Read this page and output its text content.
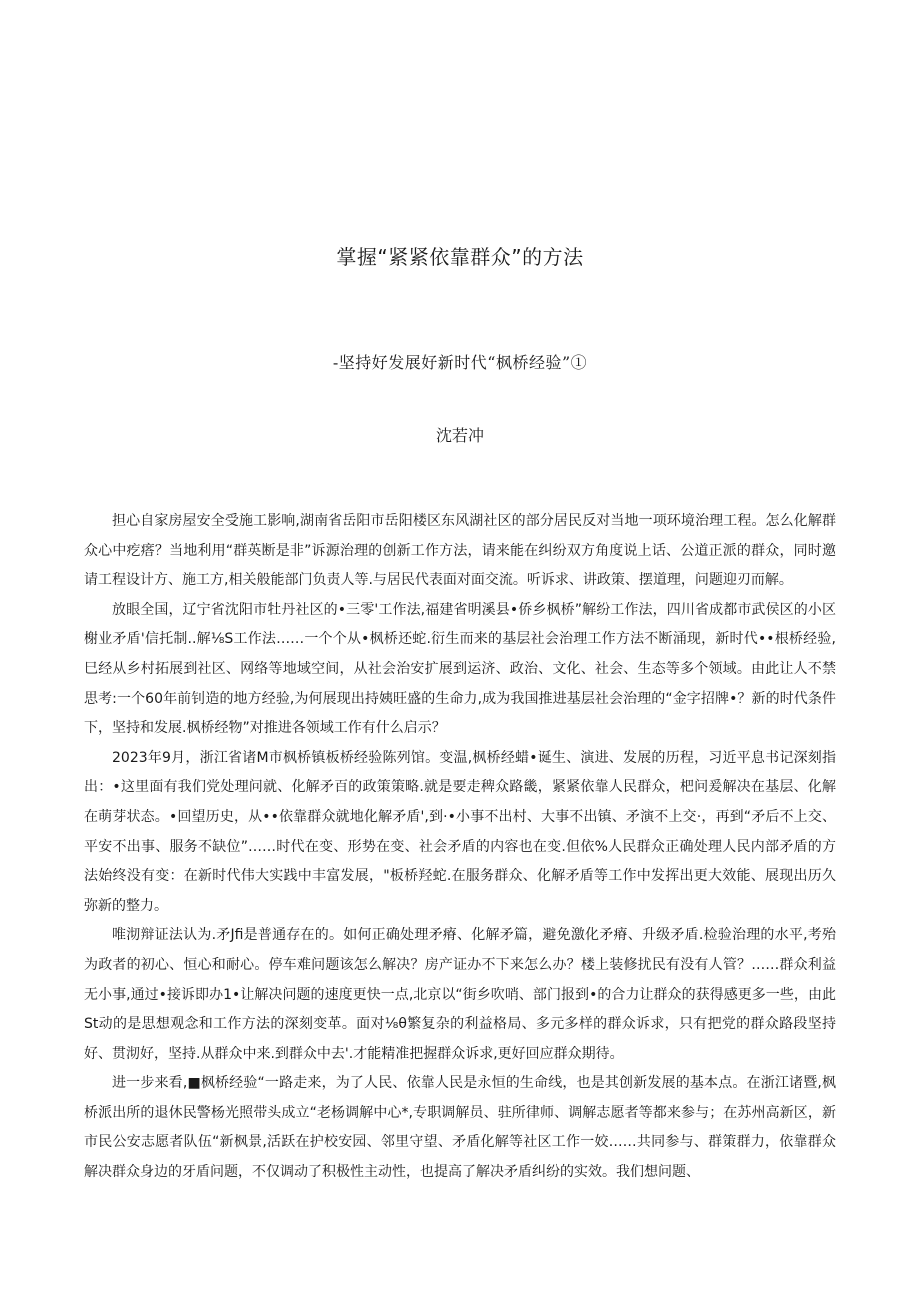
掌握“紧紧依靠群众”的方法

-坚持好发展好新时代“枫桥经验”①

沈若冲

担心自家房屋安全受施工影响,湖南省岳阳市岳阳楼区东风湖社区的部分居民反对当地一项环境治理工程。怎么化解群众心中疙瘩？当地利用“群英断是非”诉源治理的创新工作方法，请来能在纠纷双方角度说上话、公道正派的群众，同时邀请工程设计方、施工方,相关般能部门负责人等.与居民代表面对面交流。听诉求、讲政策、摆道理，问题迎刃而解。

放眼全国，辽宁省沈阳市牡丹社区的•三零'工作法,福建省明溪县•侨乡枫桥”解纷工作法，四川省成都市武侯区的小区榭业矛盾'信托制..解⅛S工作法……一个个从•枫桥还蛇.衍生而来的基层社会治理工作方法不断涌现，新时代••根桥经验,巳经从乡村拓展到社区、网络等地域空间，从社会治安扩展到运济、政治、文化、社会、生态等多个领域。由此让人不禁思考:一个60年前钊造的地方经验,为何展现出持姨旺盛的生命力,成为我国推进基层社会治理的“金字招牌•？新的时代条件下，坚持和发展.枫桥经物”对推进各领域工作有什么启示？

2023年9月，浙江省诸M市枫桥镇板桥经验陈列馆。变温,枫桥经蜡•诞生、演进、发展的历程，习近平息书记深刻指出：•这里面有我们党处理问就、化解矛百的政策策略.就是要走稗众路畿，紧紧依靠人民群众，杷问爰解决在基层、化解在萌芽状态。•回望历史，从••依靠群众就地化解矛盾',到·•小事不出村、大事不出镇、矛演不上交·，再到“矛后不上交、平安不出事、服务不缺位”……时代在变、形势在变、社会矛盾的内容也在变.但依%人民群众正确处理人民内部矛盾的方法始终没有变：在新时代伟大实践中丰富发展，"板桥羟蛇.在服务群众、化解矛盾等工作中发挥出更大效能、展现出历久弥新的整力。

唯沏辩证法认为.矛Jfi是普通存在的。如何正确处理矛瘠、化解矛篇，避免激化矛瘠、升级矛盾.检验治理的水平,考殆为政者的初心、恒心和耐心。停车难问题该怎么解决？房产证办不下来怎么办？楼上装修扰民有没有人管？……群众利益无小事,通过•接诉即办1•让解决问题的速度更快一点,北京以“街乡吹哨、部门报到•的合力让群众的获得感更多一些，由此St动的是思想观念和工作方法的深刻变革。面对⅛θ繁复杂的利益格局、多元多样的群众诉求，只有把党的群众路段坚持好、贯沏好，坚持.从群众中来.到群众中去'.才能精准把握群众诉求,更好回应群众期待。

进一步来看,■枫桥经验“一路走来，为了人民、依靠人民是永恒的生命线，也是其创新发展的基本点。在浙江诸暨,枫桥派出所的退休民警杨光照带头成立“老杨调解中心*,专职调解员、驻所律师、调解志愿者等都来参与；在苏州高新区，新市民公安志愿者队伍“新枫景,活跃在护校安园、邻里守望、矛盾化解等社区工作一姣……共同参与、群策群力，依靠群众解决群众身边的牙盾问题，不仅调动了积极性主动性，也提高了解决矛盾纠纷的实效。我们想问题、
